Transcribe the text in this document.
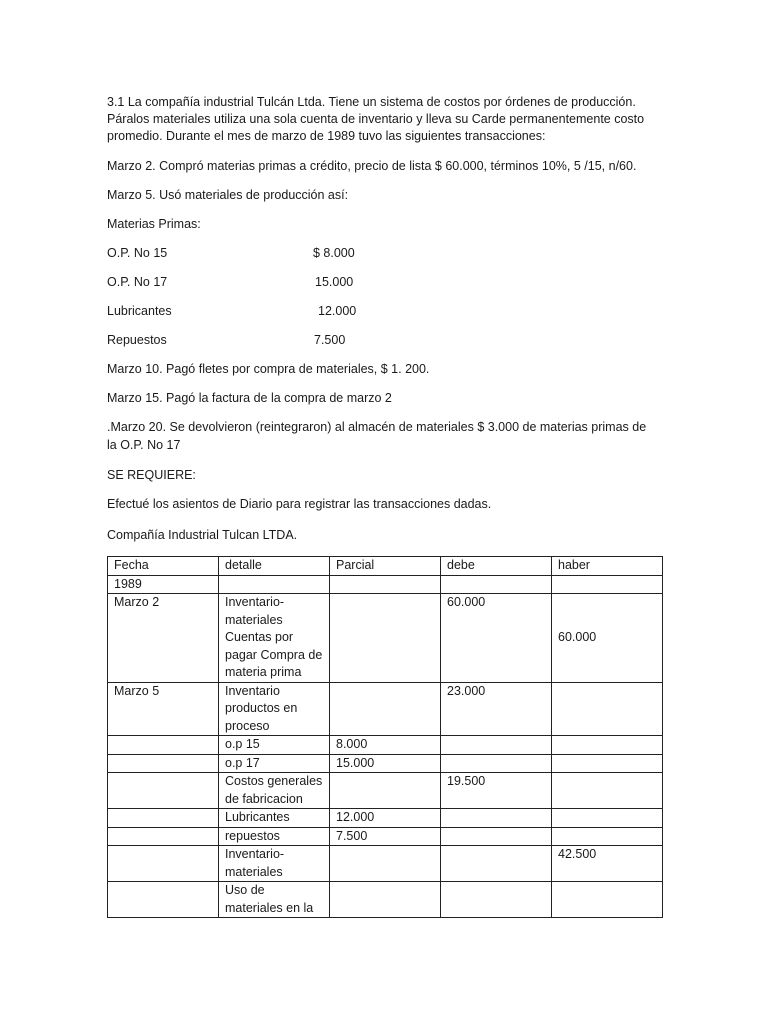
3.1 La compañía industrial Tulcán Ltda. Tiene un sistema de costos por órdenes de producción.
Páralos materiales utiliza una sola cuenta de inventario y lleva su Carde permanentemente costo
promedio. Durante el mes de marzo de 1989 tuvo las siguientes transacciones:
Marzo 2. Compró materias primas a crédito, precio de lista $ 60.000, términos 10%, 5 /15, n/60.
Marzo 5. Usó materiales de producción así:
Materias Primas:
O.P. No 15	$ 8.000
O.P. No 17	15.000
Lubricantes	12.000
Repuestos	7.500
Marzo 10. Pagó fletes por compra de materiales, $ 1. 200.
Marzo 15. Pagó la factura de la compra de marzo 2
.Marzo 20. Se devolvieron (reintegraron) al almacén de materiales $ 3.000 de materias primas de
la O.P. No 17
SE REQUIERE:
Efectué los asientos de Diario para registrar las transacciones dadas.
Compañía Industrial Tulcan LTDA.
Fecha	detalle	Parcial	debe	haber
1989				
Marzo 2	Inventario-materiales Cuentas por pagar Compra de materia prima		60.000	60.000
Marzo 5	Inventario productos en proceso		23.000	
	o.p 15	8.000		
	o.p 17	15.000		
	Costos generales de fabricacion		19.500	
	Lubricantes	12.000		
	repuestos	7.500		
	Inventario-materiales			42.500
	Uso de materiales en la			
